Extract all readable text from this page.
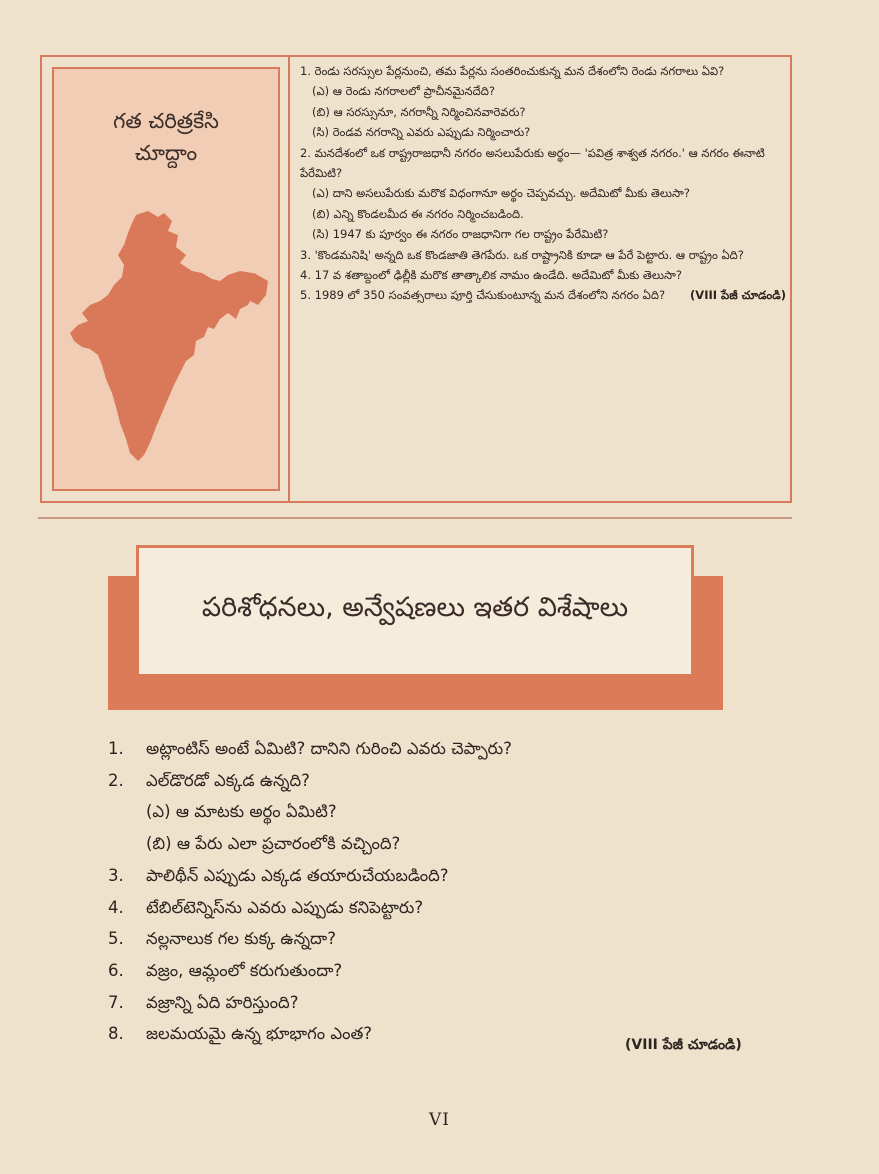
గత చరిత్రకేసి
చూద్దాం
1. రెండు సరస్సుల పేర్లనుంచి, తమ పేర్లను సంతరించుకున్న మన దేశంలోని రెండు నగరాలు ఏవి?
(ఎ) ఆ రెండు నగరాలలో ప్రాచీనమైనదేది?
(బి) ఆ సరస్సునూ, నగరాన్నీ నిర్మించినవారెవరు?
(సి) రెండవ నగరాన్ని ఎవరు ఎప్పుడు నిర్మించారు?
2. మనదేశంలో ఒక రాష్ట్రరాజధానీ నగరం అసలుపేరుకు అర్థం— 'పవిత్ర శాశ్వత నగరం.' ఆ నగరం ఈనాటి పేరేమిటి?
(ఎ) దాని అసలుపేరుకు మరొక విధంగానూ అర్థం చెప్పవచ్చు. అదేమిటో మీకు తెలుసా?
(బి) ఎన్ని కొండలమీద ఈ నగరం నిర్మించబడింది.
(సి) 1947 కు పూర్వం ఈ నగరం రాజధానిగా గల రాష్ట్రం పేరేమిటి?
3. 'కొండమనిషి' అన్నది ఒక కొండజాతి తెగపేరు. ఒక రాష్ట్రానికి కూడా ఆ పేరే పెట్టారు. ఆ రాష్ట్రం ఏది?
4. 17 వ శతాబ్దంలో ఢిల్లీకి మరొక తాత్కాలిక నామం ఉండేది. అదేమిటో మీకు తెలుసా?
5. 1989 లో 350 సంవత్సరాలు పూర్తి చేసుకుంటూన్న మన దేశంలోని నగరం ఏది? (VIII పేజీ చూడండి)
పరిశోధనలు, అన్వేషణలు ఇతర విశేషాలు
1.	అట్లాంటిస్ అంటే ఏమిటి? దానిని గురించి ఎవరు చెప్పారు?
2.	ఎల్‌డొరడో ఎక్కడ ఉన్నది?
(ఎ) ఆ మాటకు అర్థం ఏమిటి?
(బి) ఆ పేరు ఎలా ప్రచారంలోకి వచ్చింది?
3.	పాలిథీన్ ఎప్పుడు ఎక్కడ తయారుచేయబడింది?
4.	టేబిల్‌టెన్నిస్‌ను ఎవరు ఎప్పుడు కనిపెట్టారు?
5.	నల్లనాలుక గల కుక్క ఉన్నదా?
6.	వజ్రం, ఆమ్లంలో కరుగుతుందా?
7.	వజ్రాన్ని ఏది హరిస్తుంది?
8.	జలమయమై ఉన్న భూభాగం ఎంత?
(VIII పేజీ చూడండి)
VI
